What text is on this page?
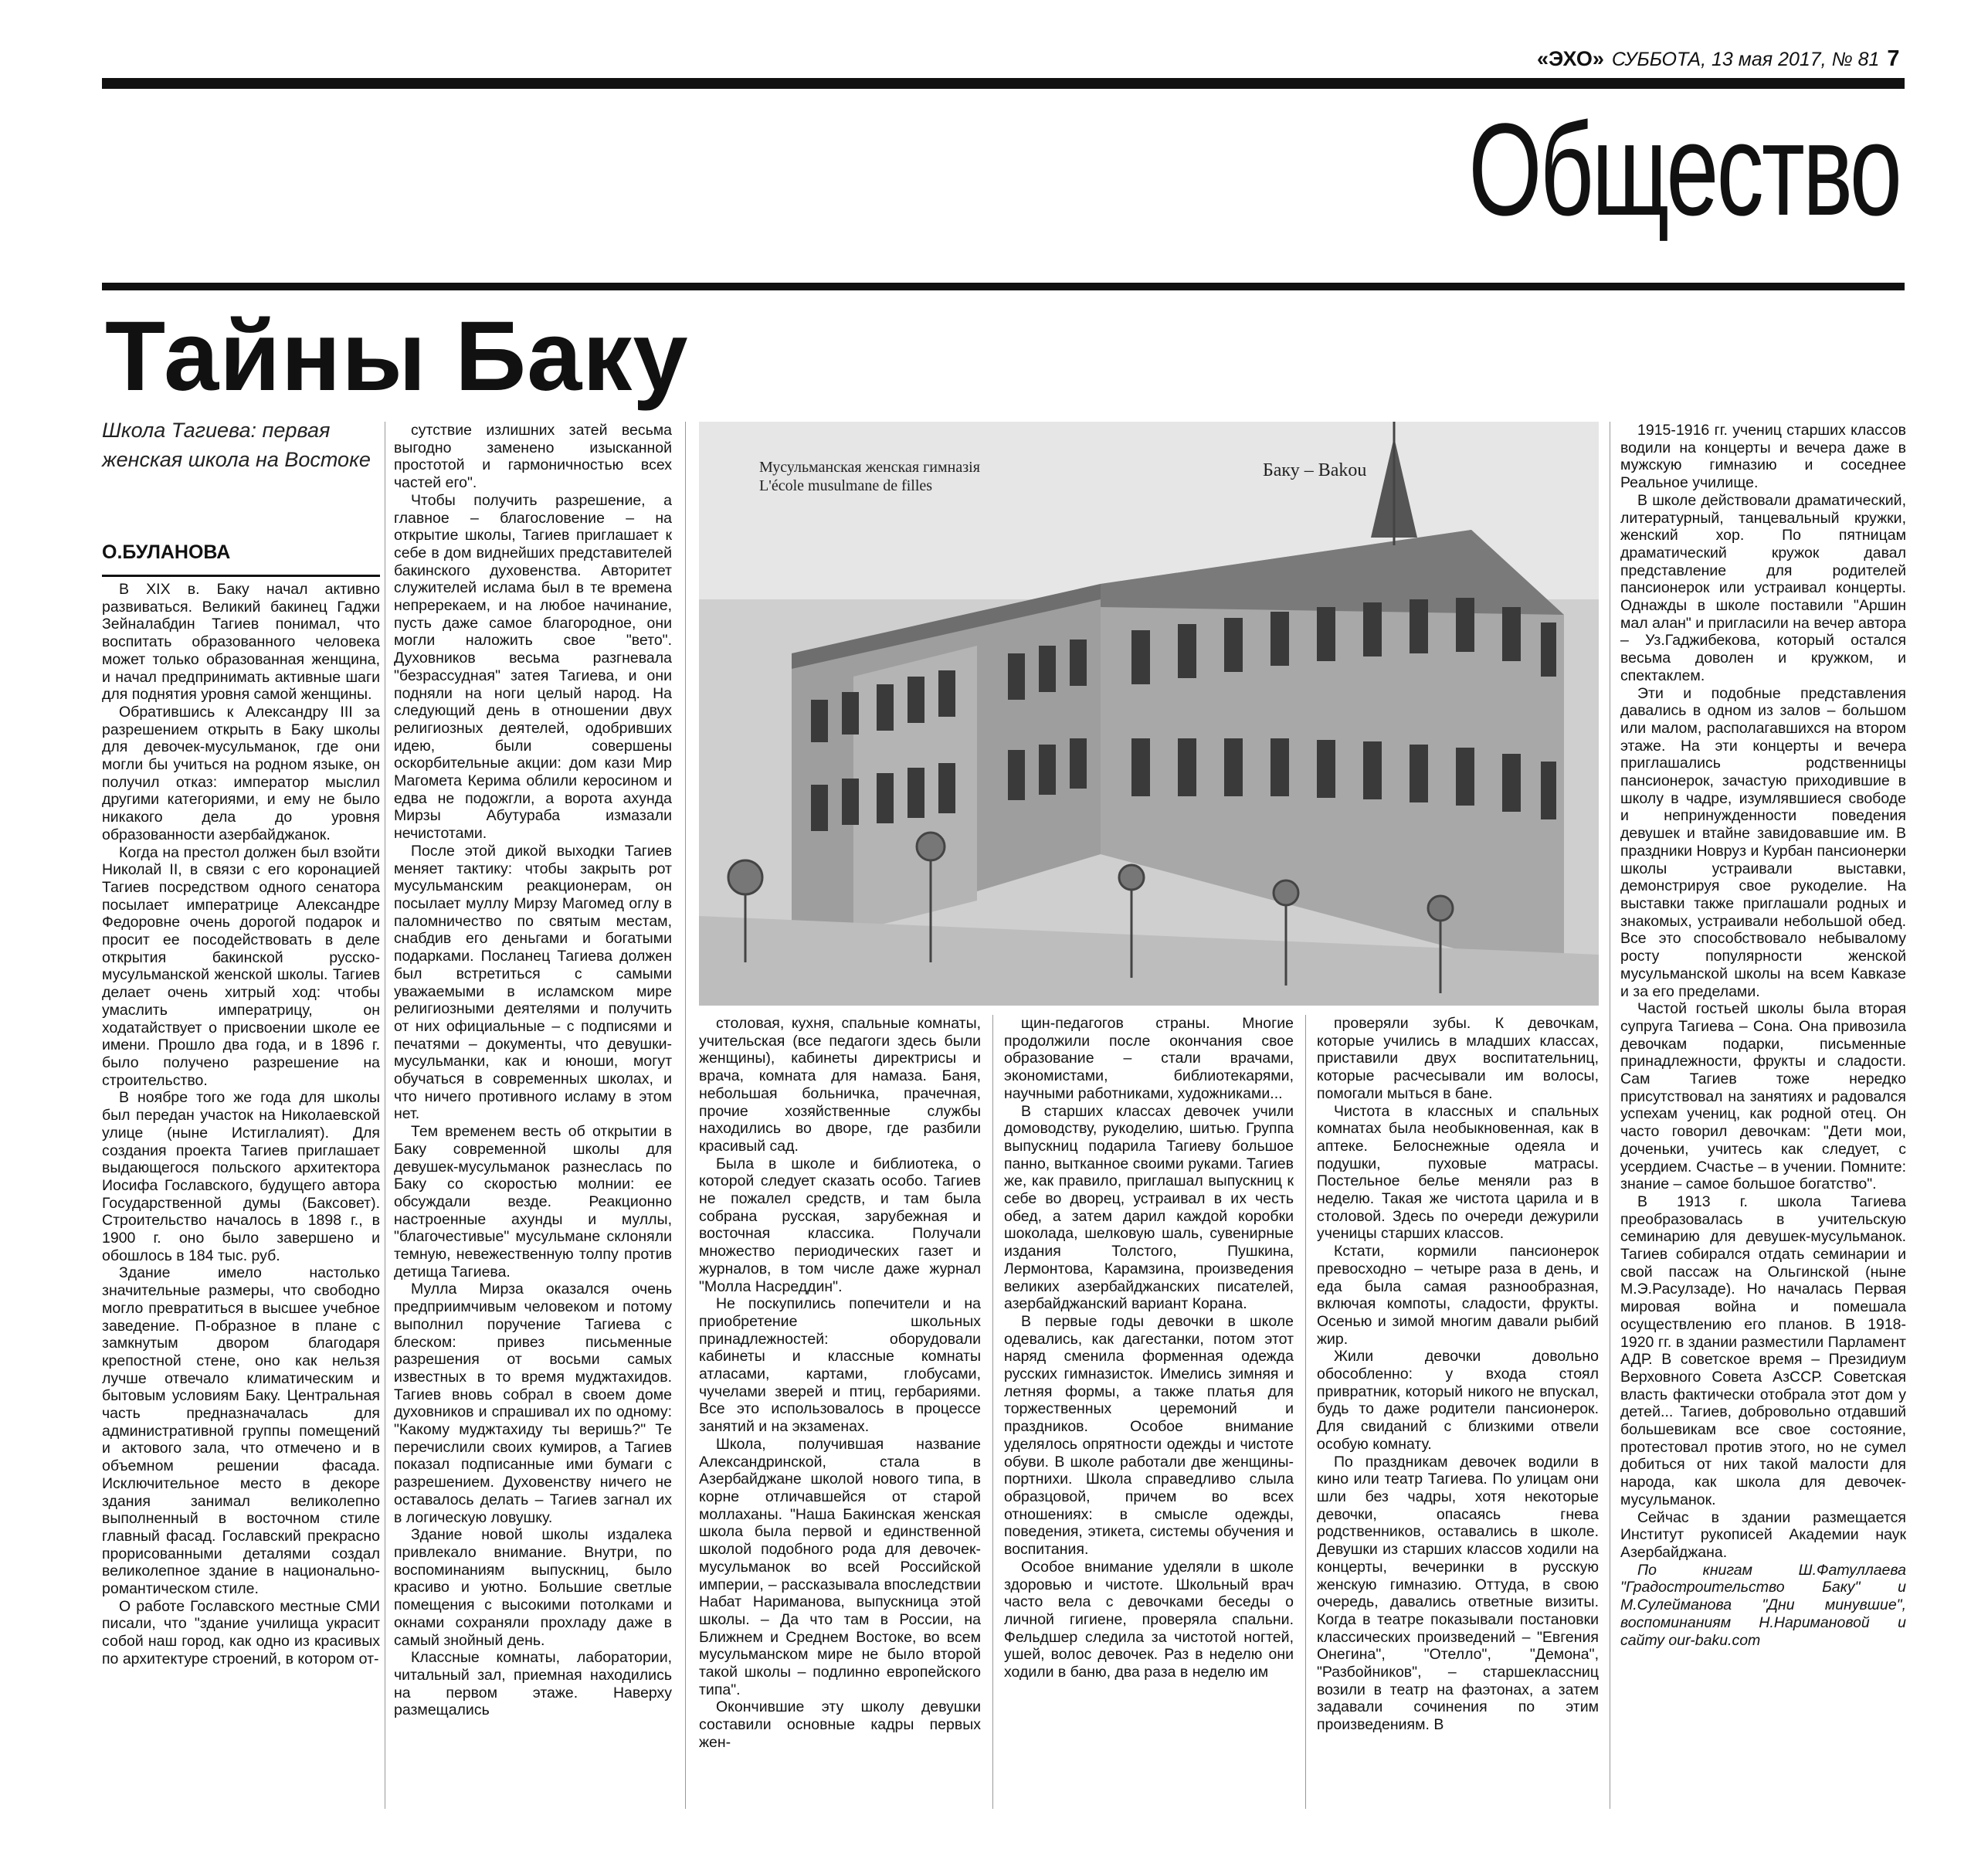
«ЭХО» СУББОТА, 13 мая 2017, № 81 7
Общество
Тайны Баку
Школа Тагиева: первая женская школа на Востоке
О.БУЛАНОВА
Мусульманская женская гимназія
L'école musulmane de filles
Баку – Bakou

В XIX в. Баку начал активно развиваться. Великий бакинец Гаджи Зейналабдин Тагиев понимал, что воспитать образованного человека может только образованная женщина, и начал предпринимать активные шаги для поднятия уровня самой женщины.

Обратившись к Александру III за разрешением открыть в Баку школы для девочек-мусульманок, где они могли бы учиться на родном языке, он получил отказ: император мыслил другими категориями, и ему не было никакого дела до уровня образованности азербайджанок.

Когда на престол должен был взойти Николай II, в связи с его коронацией Тагиев посредством одного сенатора посылает императрице Александре Федоровне очень дорогой подарок и просит ее посодействовать в деле открытия бакинской русско-мусульманской женской школы. Тагиев делает очень хитрый ход: чтобы умаслить императрицу, он ходатайствует о присвоении школе ее имени. Прошло два года, и в 1896 г. было получено разрешение на строительство.

В ноябре того же года для школы был передан участок на Николаевской улице (ныне Истиглалият). Для создания проекта Тагиев приглашает выдающегося польского архитектора Иосифа Гославского, будущего автора Государственной думы (Баксовет). Строительство началось в 1898 г., в 1900 г. оно было завершено и обошлось в 184 тыс. руб.

Здание имело настолько значительные размеры, что свободно могло превратиться в высшее учебное заведение. П-образное в плане с замкнутым двором благодаря крепостной стене, оно как нельзя лучше отвечало климатическим и бытовым условиям Баку. Центральная часть предназначалась для административной группы помещений и актового зала, что отмечено и в объемном решении фасада. Исключительное место в декоре здания занимал великолепно выполненный в восточном стиле главный фасад. Гославский прекрасно прорисованными деталями создал великолепное здание в национально-романтическом стиле.

О работе Гославского местные СМИ писали, что "здание училища украсит собой наш город, как одно из красивых по архитектуре строений, в котором от-

сутствие излишних затей весьма выгодно заменено изысканной простотой и гармоничностью всех частей его".

Чтобы получить разрешение, а главное – благословение – на открытие школы, Тагиев приглашает к себе в дом виднейших представителей бакинского духовенства. Авторитет служителей ислама был в те времена непререкаем, и на любое начинание, пусть даже самое благородное, они могли наложить свое "вето". Духовников весьма разгневала "безрассудная" затея Тагиева, и они подняли на ноги целый народ. На следующий день в отношении двух религиозных деятелей, одобривших идею, были совершены оскорбительные акции: дом кази Мир Магомета Керима облили керосином и едва не подожгли, а ворота ахунда Мирзы Абутураба измазали нечистотами.

После этой дикой выходки Тагиев меняет тактику: чтобы закрыть рот мусульманским реакционерам, он посылает муллу Мирзу Магомед оглу в паломничество по святым местам, снабдив его деньгами и богатыми подарками. Посланец Тагиева должен был встретиться с самыми уважаемыми в исламском мире религиозными деятелями и получить от них официальные – с подписями и печатями – документы, что девушки-мусульманки, как и юноши, могут обучаться в современных школах, и что ничего противного исламу в этом нет.

Тем временем весть об открытии в Баку современной школы для девушек-мусульманок разнеслась по Баку со скоростью молнии: ее обсуждали везде. Реакционно настроенные ахунды и муллы, "благочестивые" мусульмане склоняли темную, невежественную толпу против детища Тагиева.

Мулла Мирза оказался очень предприимчивым человеком и потому выполнил поручение Тагиева с блеском: привез письменные разрешения от восьми самых известных в то время муджтахидов. Тагиев вновь собрал в своем доме духовников и спрашивал их по одному: "Какому муджтахиду ты веришь?" Те перечислили своих кумиров, а Тагиев показал подписанные ими бумаги с разрешением. Духовенству ничего не оставалось делать – Тагиев загнал их в логическую ловушку.

Здание новой школы издалека привлекало внимание. Внутри, по воспоминаниям выпускниц, было красиво и уютно. Большие светлые помещения с высокими потолками и окнами сохраняли прохладу даже в самый знойный день.

Классные комнаты, лаборатории, читальный зал, приемная находились на первом этаже. Наверху размещались

столовая, кухня, спальные комнаты, учительская (все педагоги здесь были женщины), кабинеты директрисы и врача, комната для намаза. Баня, небольшая больничка, прачечная, прочие хозяйственные службы находились во дворе, где разбили красивый сад.

Была в школе и библиотека, о которой следует сказать особо. Тагиев не пожалел средств, и там была собрана русская, зарубежная и восточная классика. Получали множество периодических газет и журналов, в том числе даже журнал "Молла Насреддин".

Не поскупились попечители и на приобретение школьных принадлежностей: оборудовали кабинеты и классные комнаты атласами, картами, глобусами, чучелами зверей и птиц, гербариями. Все это использовалось в процессе занятий и на экзаменах.

Школа, получившая название Александринской, стала в Азербайджане школой нового типа, в корне отличавшейся от старой моллаханы. "Наша Бакинская женская школа была первой и единственной школой подобного рода для девочек-мусульманок во всей Российской империи, – рассказывала впоследствии Набат Нариманова, выпускница этой школы. – Да что там в России, на Ближнем и Среднем Востоке, во всем мусульманском мире не было второй такой школы – подлинно европейского типа".

Окончившие эту школу девушки составили основные кадры первых жен-

щин-педагогов страны. Многие продолжили после окончания свое образование – стали врачами, экономистами, библиотекарями, научными работниками, художниками...

В старших классах девочек учили домоводству, рукоделию, шитью. Группа выпускниц подарила Тагиеву большое панно, вытканное своими руками. Тагиев же, как правило, приглашал выпускниц к себе во дворец, устраивал в их честь обед, а затем дарил каждой коробки шоколада, шелковую шаль, сувенирные издания Толстого, Пушкина, Лермонтова, Карамзина, произведения великих азербайджанских писателей, азербайджанский вариант Корана.

В первые годы девочки в школе одевались, как дагестанки, потом этот наряд сменила форменная одежда русских гимназисток. Имелись зимняя и летняя формы, а также платья для торжественных церемоний и праздников. Особое внимание уделялось опрятности одежды и чистоте обуви. В школе работали две женщины-портнихи. Школа справедливо слыла образцовой, причем во всех отношениях: в смысле одежды, поведения, этикета, системы обучения и воспитания.

Особое внимание уделяли в школе здоровью и чистоте. Школьный врач часто вела с девочками беседы о личной гигиене, проверяла спальни. Фельдшер следила за чистотой ногтей, ушей, волос девочек. Раз в неделю они ходили в баню, два раза в неделю им

проверяли зубы. К девочкам, которые учились в младших классах, приставили двух воспитательниц, которые расчесывали им волосы, помогали мыться в бане.

Чистота в классных и спальных комнатах была необыкновенная, как в аптеке. Белоснежные одеяла и подушки, пуховые матрасы. Постельное белье меняли раз в неделю. Такая же чистота царила и в столовой. Здесь по очереди дежурили ученицы старших классов.

Кстати, кормили пансионерок превосходно – четыре раза в день, и еда была самая разнообразная, включая компоты, сладости, фрукты. Осенью и зимой многим давали рыбий жир.

Жили девочки довольно обособленно: у входа стоял привратник, который никого не впускал, будь то даже родители пансионерок. Для свиданий с близкими отвели особую комнату.

По праздникам девочек водили в кино или театр Тагиева. По улицам они шли без чадры, хотя некоторые девочки, опасаясь гнева родственников, оставались в школе. Девушки из старших классов ходили на концерты, вечеринки в русскую женскую гимназию. Оттуда, в свою очередь, давались ответные визиты. Когда в театре показывали постановки классических произведений – "Евгения Онегина", "Отелло", "Демона", "Разбойников", – старшеклассниц возили в театр на фаэтонах, а затем задавали сочинения по этим произведениям. В

1915-1916 гг. учениц старших классов водили на концерты и вечера даже в мужскую гимназию и соседнее Реальное училище.

В школе действовали драматический, литературный, танцевальный кружки, женский хор. По пятницам драматический кружок давал представление для родителей пансионерок или устраивал концерты. Однажды в школе поставили "Аршин мал алан" и пригласили на вечер автора – Уз.Гаджибекова, который остался весьма доволен и кружком, и спектаклем.

Эти и подобные представления давались в одном из залов – большом или малом, располагавшихся на втором этаже. На эти концерты и вечера приглашались родственницы пансионерок, зачастую приходившие в школу в чадре, изумлявшиеся свободе и непринужденности поведения девушек и втайне завидовавшие им. В праздники Новруз и Курбан пансионерки школы устраивали выставки, демонстрируя свое рукоделие. На выставки также приглашали родных и знакомых, устраивали небольшой обед. Все это способствовало небывалому росту популярности женской мусульманской школы на всем Кавказе и за его пределами.

Частой гостьей школы была вторая супруга Тагиева – Сона. Она привозила девочкам подарки, письменные принадлежности, фрукты и сладости. Сам Тагиев тоже нередко присутствовал на занятиях и радовался успехам учениц, как родной отец. Он часто говорил девочкам: "Дети мои, доченьки, учитесь как следует, с усердием. Счастье – в учении. Помните: знание – самое большое богатство".

В 1913 г. школа Тагиева преобразовалась в учительскую семинарию для девушек-мусульманок. Тагиев собирался отдать семинарии и свой пассаж на Ольгинской (ныне М.Э.Расулзаде). Но началась Первая мировая война и помешала осуществлению его планов. В 1918-1920 гг. в здании разместили Парламент АДР. В советское время – Президиум Верховного Совета АзССР. Советская власть фактически отобрала этот дом у детей... Тагиев, добровольно отдавший большевикам все свое состояние, протестовал против этого, но не сумел добиться от них такой малости для народа, как школа для девочек-мусульманок.

Сейчас в здании размещается Институт рукописей Академии наук Азербайджана.

По книгам Ш.Фатуллаева "Градостроительство Баку" и М.Сулейманова "Дни минувшие", воспоминаниям Н.Наримановой и сайту our-baku.com
